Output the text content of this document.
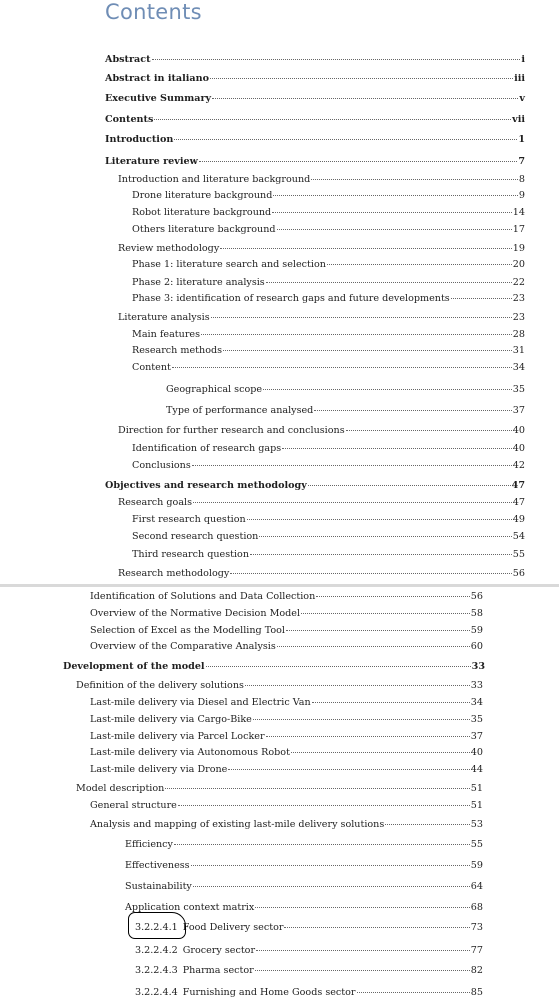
Contents
Abstract	i
Abstract in italiano	iii
Executive Summary	v
Contents	vii
Introduction	1
Literature review	7
Introduction and literature background	8
Drone literature background	9
Robot literature background	14
Others literature background	17
Review methodology	19
Phase 1: literature search and selection	20
Phase 2: literature analysis	22
Phase 3: identification of research gaps and future developments	23
Literature analysis	23
Main features	28
Research methods	31
Content	34
Geographical scope	35
Type of performance analysed	37
Direction for further research and conclusions	40
Identification of research gaps	40
Conclusions	42
Objectives and research methodology	47
Research goals	47
First research question	49
Second research question	54
Third research question	55
Research methodology	56
Identification of Solutions and Data Collection	56
Overview of the Normative Decision Model	58
Selection of Excel as the Modelling Tool	59
Overview of the Comparative Analysis	60
Development of the model	33
Definition of the delivery solutions	33
Last-mile delivery via Diesel and Electric Van	34
Last-mile delivery via Cargo-Bike	35
Last-mile delivery via Parcel Locker	37
Last-mile delivery via Autonomous Robot	40
Last-mile delivery via Drone	44
Model description	51
General structure	51
Analysis and mapping of existing last-mile delivery solutions	53
Efficiency	55
Effectiveness	59
Sustainability	64
Application context matrix	68
3.2.2.4.1 Food Delivery sector	73
3.2.2.4.2 Grocery sector	77
3.2.2.4.3 Pharma sector	82
3.2.2.4.4 Furnishing and Home Goods sector	85
